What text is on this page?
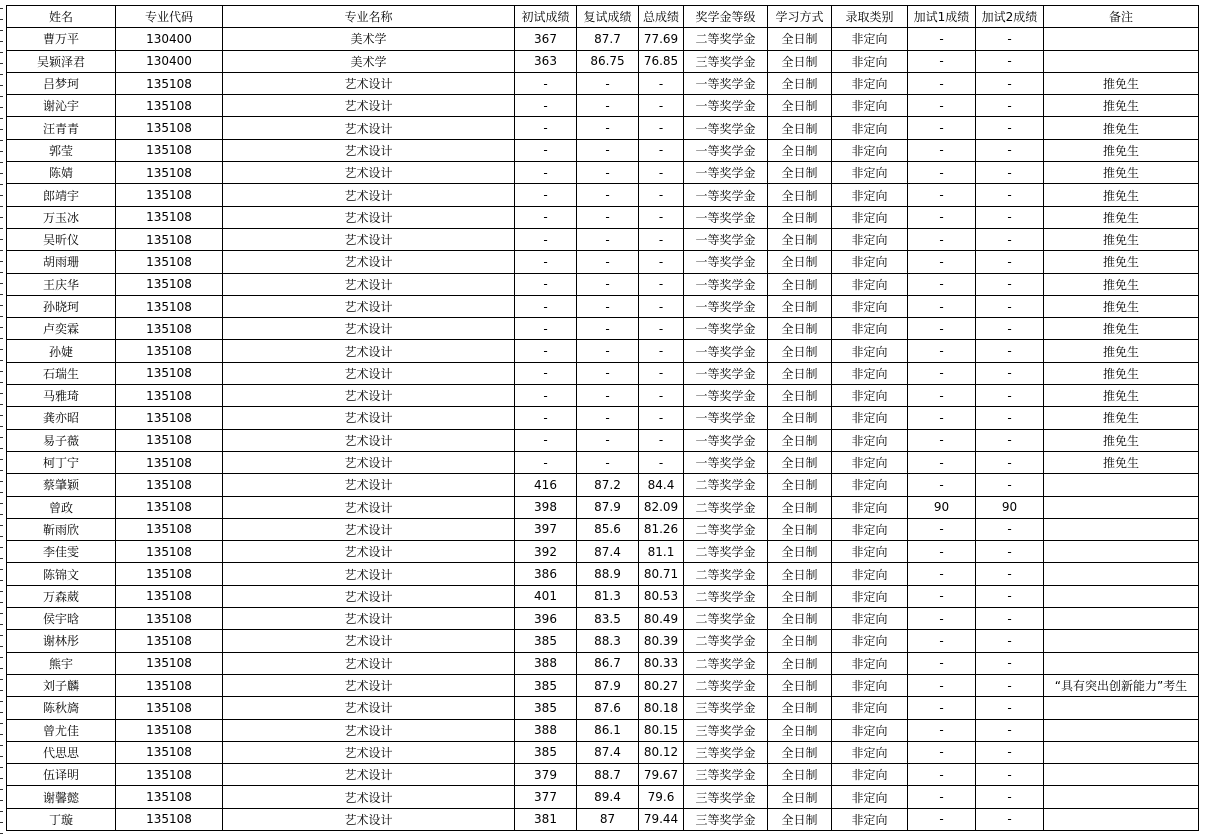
姓名	专业代码	专业名称	初试成绩	复试成绩	总成绩	奖学金等级	学习方式	录取类别	加试1成绩	加试2成绩	备注
曹万平	130400	美术学	367	87.7	77.69	二等奖学金	全日制	非定向	-	-	
吴颖泽君	130400	美术学	363	86.75	76.85	三等奖学金	全日制	非定向	-	-	
吕梦珂	135108	艺术设计	-	-	-	一等奖学金	全日制	非定向	-	-	推免生
谢沁宇	135108	艺术设计	-	-	-	一等奖学金	全日制	非定向	-	-	推免生
汪青青	135108	艺术设计	-	-	-	一等奖学金	全日制	非定向	-	-	推免生
郭莹	135108	艺术设计	-	-	-	一等奖学金	全日制	非定向	-	-	推免生
陈婧	135108	艺术设计	-	-	-	一等奖学金	全日制	非定向	-	-	推免生
郎靖宇	135108	艺术设计	-	-	-	一等奖学金	全日制	非定向	-	-	推免生
万玉冰	135108	艺术设计	-	-	-	一等奖学金	全日制	非定向	-	-	推免生
吴昕仪	135108	艺术设计	-	-	-	一等奖学金	全日制	非定向	-	-	推免生
胡雨珊	135108	艺术设计	-	-	-	一等奖学金	全日制	非定向	-	-	推免生
王庆华	135108	艺术设计	-	-	-	一等奖学金	全日制	非定向	-	-	推免生
孙晓珂	135108	艺术设计	-	-	-	一等奖学金	全日制	非定向	-	-	推免生
卢奕霖	135108	艺术设计	-	-	-	一等奖学金	全日制	非定向	-	-	推免生
孙婕	135108	艺术设计	-	-	-	一等奖学金	全日制	非定向	-	-	推免生
石瑞生	135108	艺术设计	-	-	-	一等奖学金	全日制	非定向	-	-	推免生
马雅琦	135108	艺术设计	-	-	-	一等奖学金	全日制	非定向	-	-	推免生
龚亦昭	135108	艺术设计	-	-	-	一等奖学金	全日制	非定向	-	-	推免生
易子薇	135108	艺术设计	-	-	-	一等奖学金	全日制	非定向	-	-	推免生
柯丁宁	135108	艺术设计	-	-	-	一等奖学金	全日制	非定向	-	-	推免生
蔡肇颖	135108	艺术设计	416	87.2	84.4	二等奖学金	全日制	非定向	-	-	
曾政	135108	艺术设计	398	87.9	82.09	二等奖学金	全日制	非定向	90	90	
靳雨欣	135108	艺术设计	397	85.6	81.26	二等奖学金	全日制	非定向	-	-	
李佳雯	135108	艺术设计	392	87.4	81.1	二等奖学金	全日制	非定向	-	-	
陈锦文	135108	艺术设计	386	88.9	80.71	二等奖学金	全日制	非定向	-	-	
万森葳	135108	艺术设计	401	81.3	80.53	二等奖学金	全日制	非定向	-	-	
侯宇晗	135108	艺术设计	396	83.5	80.49	二等奖学金	全日制	非定向	-	-	
谢林彤	135108	艺术设计	385	88.3	80.39	二等奖学金	全日制	非定向	-	-	
熊宇	135108	艺术设计	388	86.7	80.33	二等奖学金	全日制	非定向	-	-	
刘子麟	135108	艺术设计	385	87.9	80.27	二等奖学金	全日制	非定向	-	-	“具有突出创新能力”考生
陈秋旖	135108	艺术设计	385	87.6	80.18	三等奖学金	全日制	非定向	-	-	
曾尤佳	135108	艺术设计	388	86.1	80.15	三等奖学金	全日制	非定向	-	-	
代思思	135108	艺术设计	385	87.4	80.12	三等奖学金	全日制	非定向	-	-	
伍译明	135108	艺术设计	379	88.7	79.67	三等奖学金	全日制	非定向	-	-	
谢馨懿	135108	艺术设计	377	89.4	79.6	三等奖学金	全日制	非定向	-	-	
丁璇	135108	艺术设计	381	87	79.44	三等奖学金	全日制	非定向	-	-	
